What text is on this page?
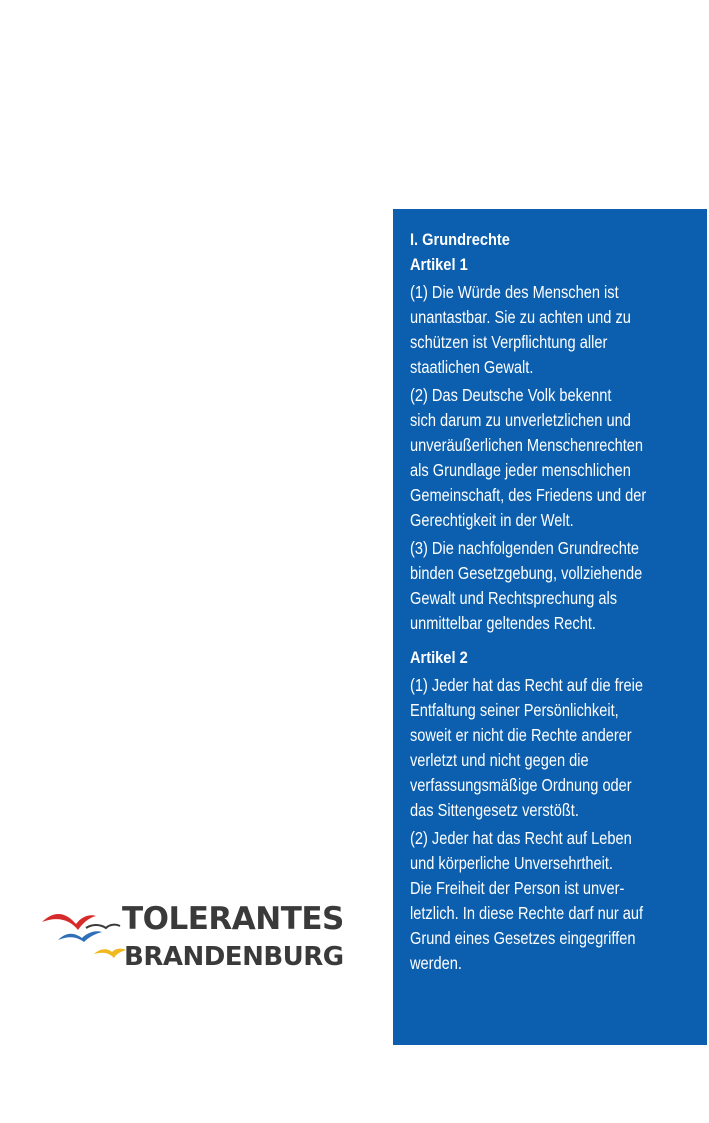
TOLERANTES
BRANDENBURG
I. Grundrechte
Artikel 1

(1) Die Würde des Menschen ist
unantastbar. Sie zu achten und zu
schützen ist Verpflichtung aller
staatlichen Gewalt.

(2) Das Deutsche Volk bekennt
sich darum zu unverletzlichen und
unveräußerlichen Menschenrechten
als Grundlage jeder menschlichen
Gemeinschaft, des Friedens und der
Gerechtigkeit in der Welt.

(3) Die nachfolgenden Grundrechte
binden Gesetzgebung, vollziehende
Gewalt und Rechtsprechung als
unmittelbar geltendes Recht.

Artikel 2

(1) Jeder hat das Recht auf die freie
Entfaltung seiner Persönlichkeit,
soweit er nicht die Rechte anderer
verletzt und nicht gegen die
verfassungsmäßige Ordnung oder
das Sittengesetz verstößt.

(2) Jeder hat das Recht auf Leben
und körperliche Unversehrtheit.
Die Freiheit der Person ist unver-
letzlich. In diese Rechte darf nur auf
Grund eines Gesetzes eingegriffen
werden.
